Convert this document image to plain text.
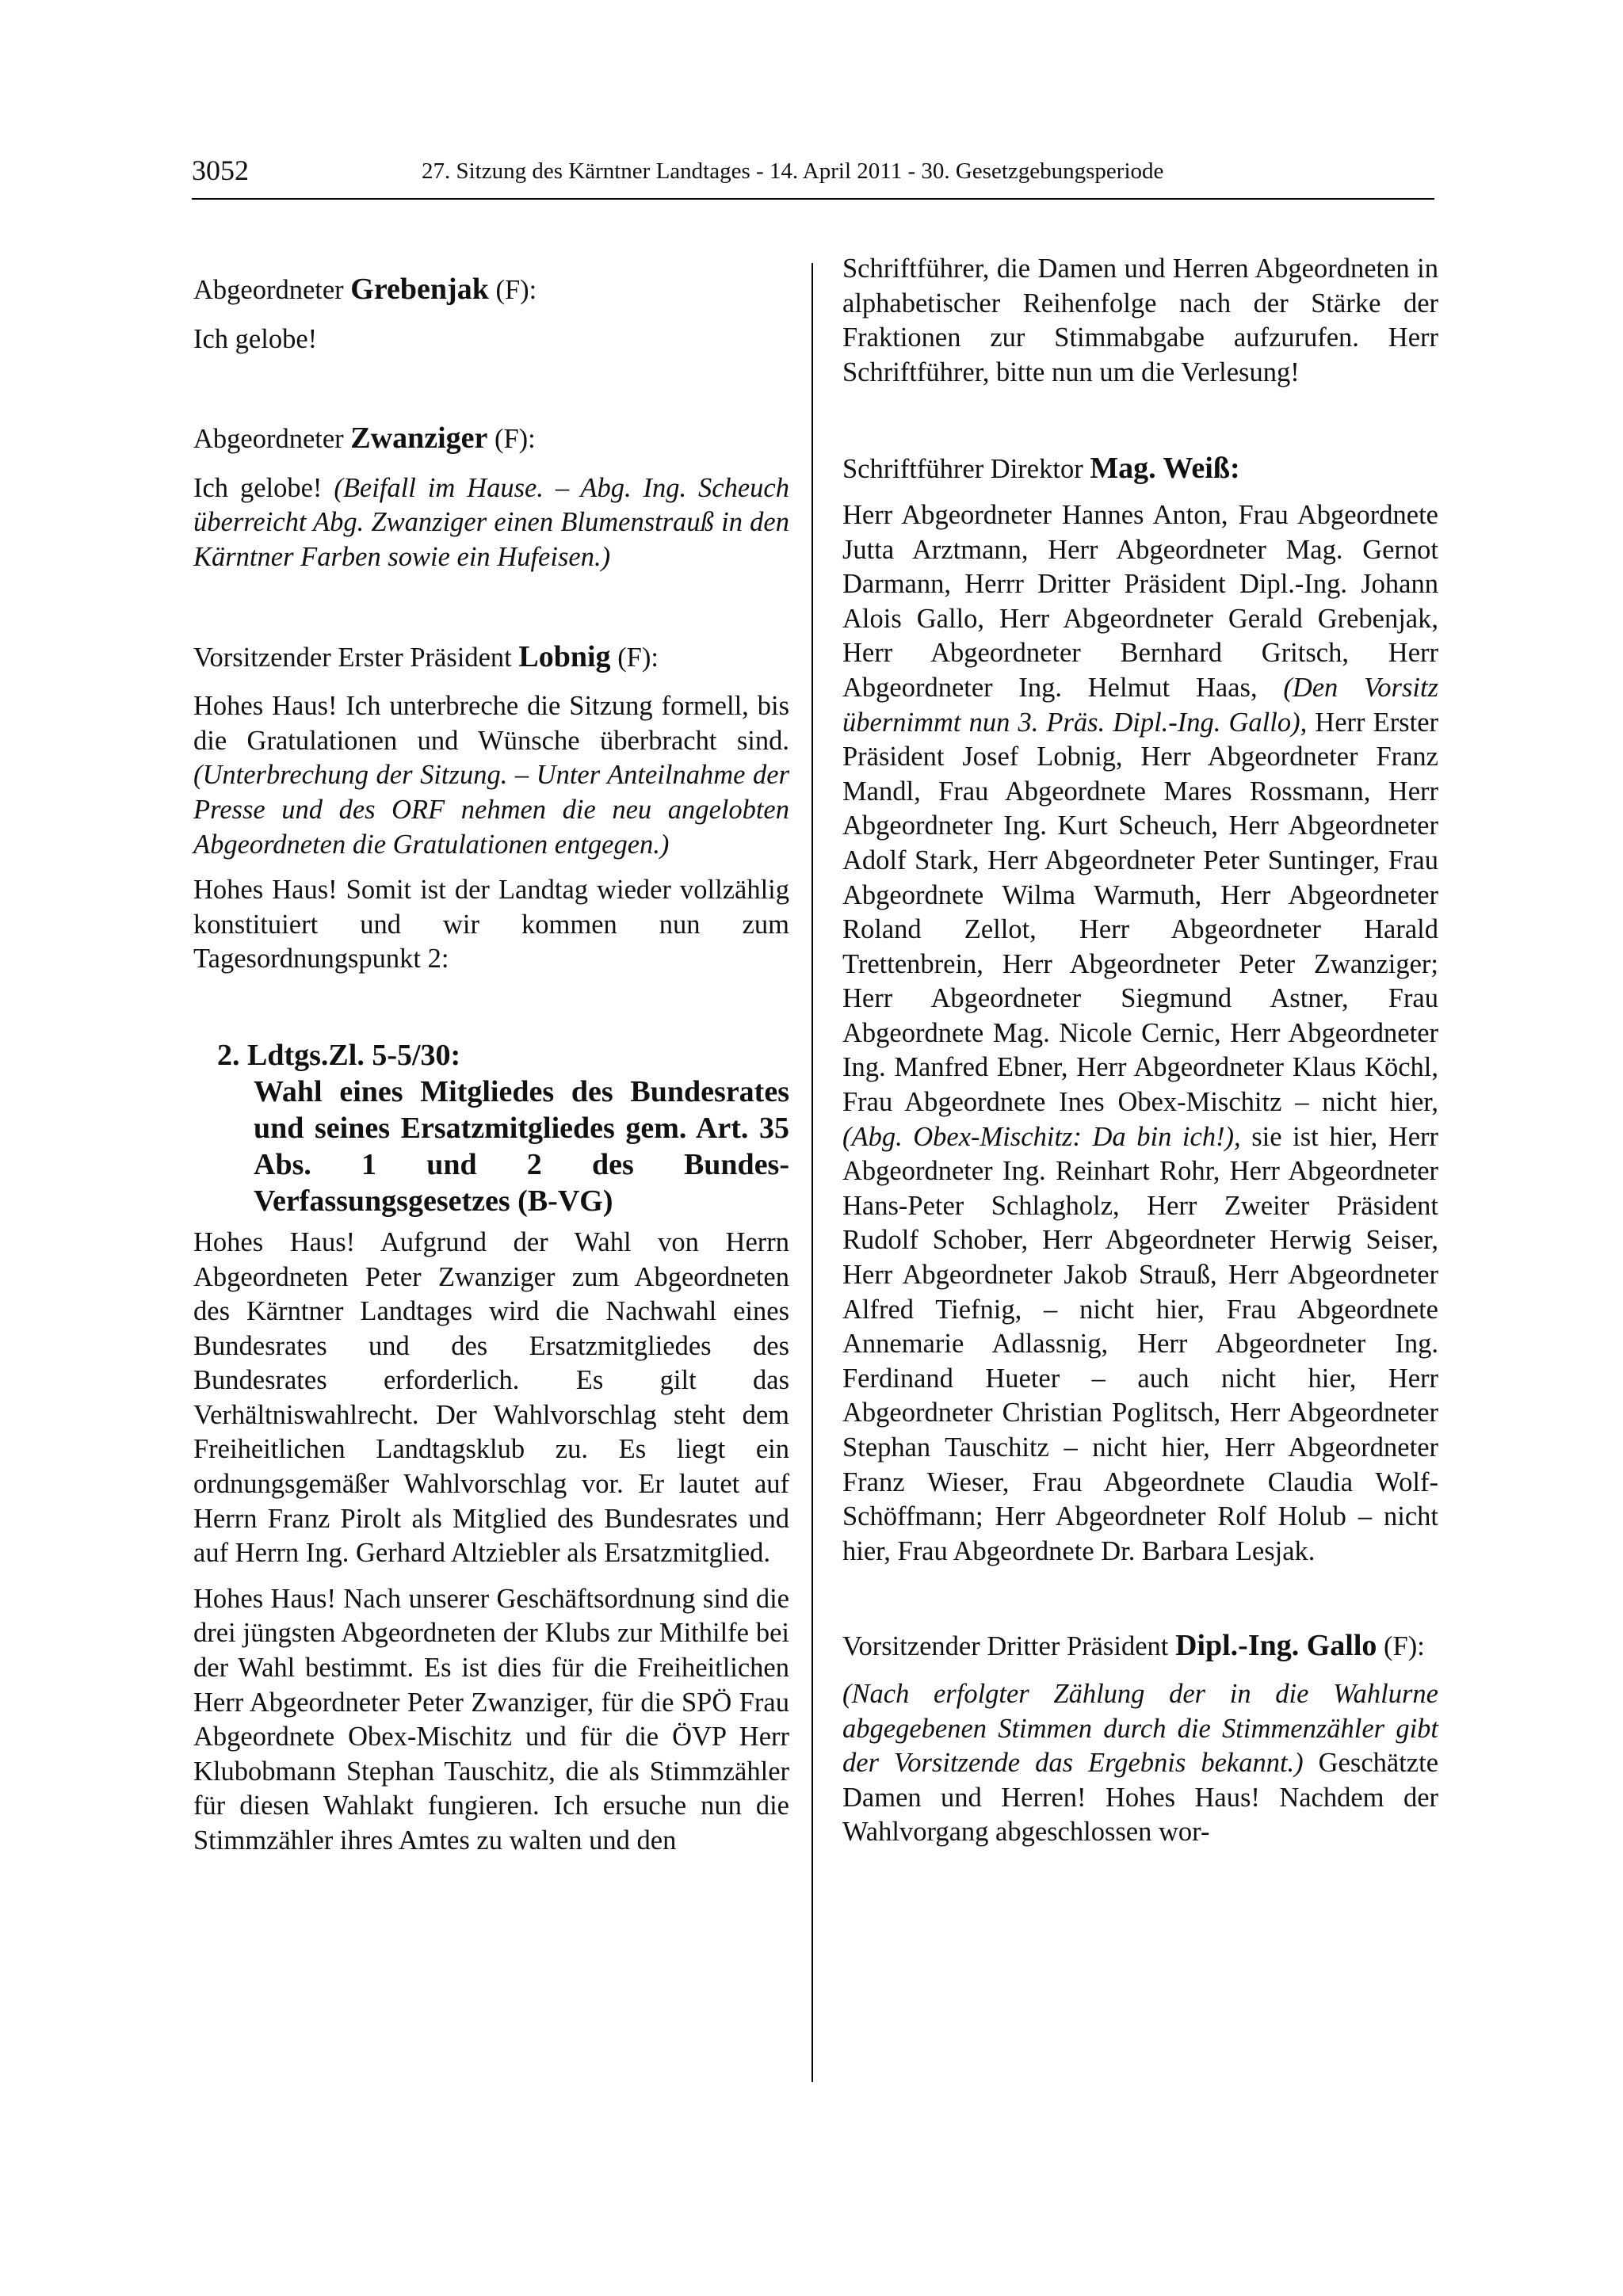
3052	27. Sitzung des Kärntner Landtages - 14. April 2011 - 30. Gesetzgebungsperiode

Abgeordneter Grebenjak (F):

Ich gelobe!

Abgeordneter Zwanziger (F):

Ich gelobe! (Beifall im Hause. – Abg. Ing. Scheuch überreicht Abg. Zwanziger einen Blumenstrauß in den Kärntner Farben sowie ein Hufeisen.)

Vorsitzender Erster Präsident Lobnig (F):

Hohes Haus! Ich unterbreche die Sitzung formell, bis die Gratulationen und Wünsche überbracht sind. (Unterbrechung der Sitzung. – Unter Anteilnahme der Presse und des ORF nehmen die neu angelobten Abgeordneten die Gratulationen entgegen.)

Hohes Haus! Somit ist der Landtag wieder vollzählig konstituiert und wir kommen nun zum Tagesordnungspunkt 2:

2. Ldtgs.Zl. 5-5/30:
Wahl eines Mitgliedes des Bundesrates und seines Ersatzmitgliedes gem. Art. 35 Abs. 1 und 2 des Bundes-Verfassungsgesetzes (B-VG)

Hohes Haus! Aufgrund der Wahl von Herrn Abgeordneten Peter Zwanziger zum Abgeordneten des Kärntner Landtages wird die Nachwahl eines Bundesrates und des Ersatzmitgliedes des Bundesrates erforderlich. Es gilt das Verhältniswahlrecht. Der Wahlvorschlag steht dem Freiheitlichen Landtagsklub zu. Es liegt ein ordnungsgemäßer Wahlvorschlag vor. Er lautet auf Herrn Franz Pirolt als Mitglied des Bundesrates und auf Herrn Ing. Gerhard Altziebler als Ersatzmitglied.

Hohes Haus! Nach unserer Geschäftsordnung sind die drei jüngsten Abgeordneten der Klubs zur Mithilfe bei der Wahl bestimmt. Es ist dies für die Freiheitlichen Herr Abgeordneter Peter Zwanziger, für die SPÖ Frau Abgeordnete Obex-Mischitz und für die ÖVP Herr Klubobmann Stephan Tauschitz, die als Stimmzähler für diesen Wahlakt fungieren. Ich ersuche nun die Stimmzähler ihres Amtes zu walten und den

Schriftführer, die Damen und Herren Abgeordneten in alphabetischer Reihenfolge nach der Stärke der Fraktionen zur Stimmabgabe aufzurufen. Herr Schriftführer, bitte nun um die Verlesung!

Schriftführer Direktor Mag. Weiß:

Herr Abgeordneter Hannes Anton, Frau Abgeordnete Jutta Arztmann, Herr Abgeordneter Mag. Gernot Darmann, Herrr Dritter Präsident Dipl.-Ing. Johann Alois Gallo, Herr Abgeordneter Gerald Grebenjak, Herr Abgeordneter Bernhard Gritsch, Herr Abgeordneter Ing. Helmut Haas, (Den Vorsitz übernimmt nun 3. Präs. Dipl.-Ing. Gallo), Herr Erster Präsident Josef Lobnig, Herr Abgeordneter Franz Mandl, Frau Abgeordnete Mares Rossmann, Herr Abgeordneter Ing. Kurt Scheuch, Herr Abgeordneter Adolf Stark, Herr Abgeordneter Peter Suntinger, Frau Abgeordnete Wilma Warmuth, Herr Abgeordneter Roland Zellot, Herr Abgeordneter Harald Trettenbrein, Herr Abgeordneter Peter Zwanziger; Herr Abgeordneter Siegmund Astner, Frau Abgeordnete Mag. Nicole Cernic, Herr Abgeordneter Ing. Manfred Ebner, Herr Abgeordneter Klaus Köchl, Frau Abgeordnete Ines Obex-Mischitz – nicht hier, (Abg. Obex-Mischitz: Da bin ich!), sie ist hier, Herr Abgeordneter Ing. Reinhart Rohr, Herr Abgeordneter Hans-Peter Schlagholz, Herr Zweiter Präsident Rudolf Schober, Herr Abgeordneter Herwig Seiser, Herr Abgeordneter Jakob Strauß, Herr Abgeordneter Alfred Tiefnig, – nicht hier, Frau Abgeordnete Annemarie Adlassnig, Herr Abgeordneter Ing. Ferdinand Hueter – auch nicht hier, Herr Abgeordneter Christian Poglitsch, Herr Abgeordneter Stephan Tauschitz – nicht hier, Herr Abgeordneter Franz Wieser, Frau Abgeordnete Claudia Wolf-Schöffmann; Herr Abgeordneter Rolf Holub – nicht hier, Frau Abgeordnete Dr. Barbara Lesjak.

Vorsitzender Dritter Präsident Dipl.-Ing. Gallo (F):

(Nach erfolgter Zählung der in die Wahlurne abgegebenen Stimmen durch die Stimmenzähler gibt der Vorsitzende das Ergebnis bekannt.) Geschätzte Damen und Herren! Hohes Haus! Nachdem der Wahlvorgang abgeschlossen wor-
